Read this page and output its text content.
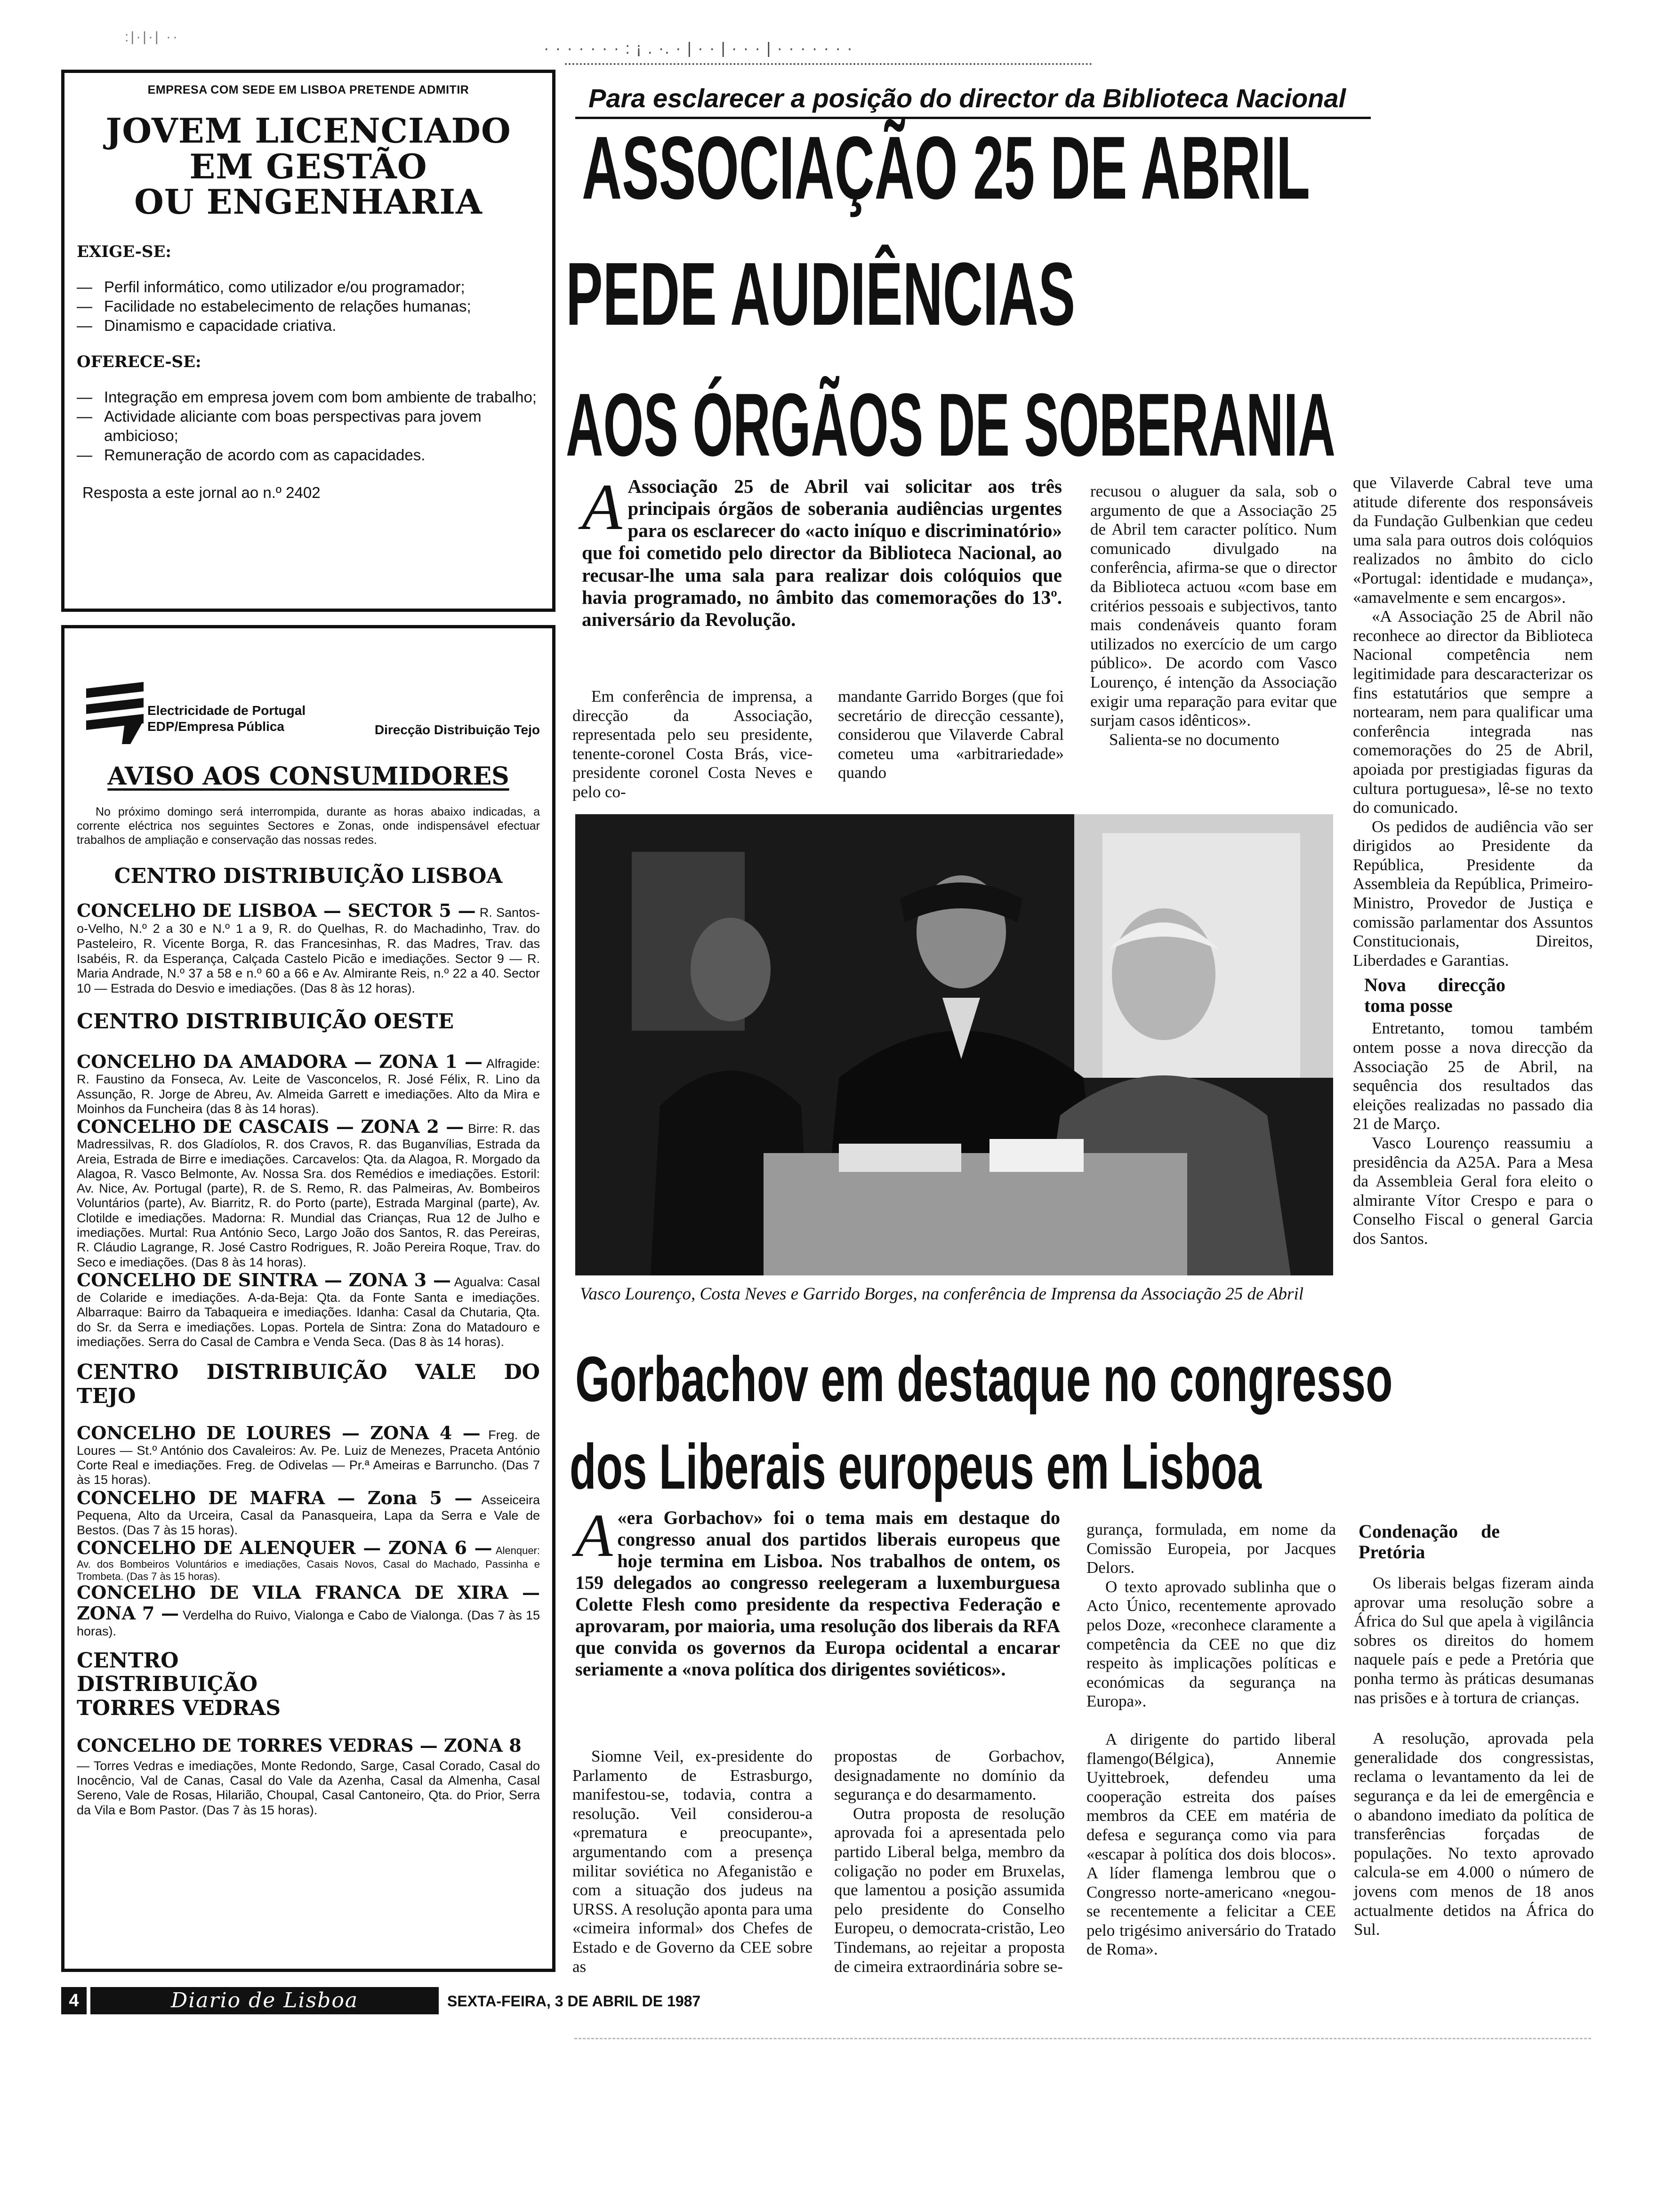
:|·|·| ··
· · · · · · · : ¡ . ·. · | · · | · · · | · · · · · · ·
EMPRESA COM SEDE EM LISBOA PRETENDE ADMITIR
JOVEM LICENCIADO
EM GESTÃO
OU ENGENHARIA
EXIGE-SE:
— Perfil informático, como utilizador e/ou programador;
— Facilidade no estabelecimento de relações humanas;
— Dinamismo e capacidade criativa.
OFERECE-SE:
— Integração em empresa jovem com bom ambiente de trabalho;
— Actividade aliciante com boas perspectivas para jovem ambicioso;
— Remuneração de acordo com as capacidades.
Resposta a este jornal ao n.º 2402
Electricidade de Portugal
EDP/Empresa Pública	Direcção Distribuição Tejo
AVISO AOS CONSUMIDORES

No próximo domingo será interrompida, durante as horas abaixo indicadas, a corrente eléctrica nos seguintes Sectores e Zonas, onde indispensável efectuar trabalhos de ampliação e conservação das nossas redes.

CENTRO DISTRIBUIÇÃO LISBOA

CONCELHO DE LISBOA — SECTOR 5 — R. Santos-o-Velho, N.º 2 a 30 e N.º 1 a 9, R. do Quelhas, R. do Machadinho, Trav. do Pasteleiro, R. Vicente Borga, R. das Francesinhas, R. das Madres, Trav. das Isabéis, R. da Esperança, Calçada Castelo Picão e imediações. Sector 9 — R. Maria Andrade, N.º 37 a 58 e n.º 60 a 66 e Av. Almirante Reis, n.º 22 a 40. Sector 10 — Estrada do Desvio e imediações. (Das 8 às 12 horas).

CENTRO DISTRIBUIÇÃO OESTE

CONCELHO DA AMADORA — ZONA 1 — Alfragide: R. Faustino da Fonseca, Av. Leite de Vasconcelos, R. José Félix, R. Lino da Assunção, R. Jorge de Abreu, Av. Almeida Garrett e imediações. Alto da Mira e Moinhos da Funcheira (das 8 às 14 horas).

CONCELHO DE CASCAIS — ZONA 2 — Birre: R. das Madressilvas, R. dos Gladíolos, R. dos Cravos, R. das Buganvílias, Estrada da Areia, Estrada de Birre e imediações. Carcavelos: Qta. da Alagoa, R. Morgado da Alagoa, R. Vasco Belmonte, Av. Nossa Sra. dos Remédios e imediações. Estoril: Av. Nice, Av. Portugal (parte), R. de S. Remo, R. das Palmeiras, Av. Bombeiros Voluntários (parte), Av. Biarritz, R. do Porto (parte), Estrada Marginal (parte), Av. Clotilde e imediações. Madorna: R. Mundial das Crianças, Rua 12 de Julho e imediações. Murtal: Rua António Seco, Largo João dos Santos, R. das Pereiras, R. Cláudio Lagrange, R. José Castro Rodrigues, R. João Pereira Roque, Trav. do Seco e imediações. (Das 8 às 14 horas).

CONCELHO DE SINTRA — ZONA 3 — Agualva: Casal de Colaride e imediações. A-da-Beja: Qta. da Fonte Santa e imediações. Albarraque: Bairro da Tabaqueira e imediações. Idanha: Casal da Chutaria, Qta. do Sr. da Serra e imediações. Lopas. Portela de Sintra: Zona do Matadouro e imediações. Serra do Casal de Cambra e Venda Seca. (Das 8 às 14 horas).

CENTRO DISTRIBUIÇÃO VALE DO TEJO

CONCELHO DE LOURES — ZONA 4 — Freg. de Loures — St.º António dos Cavaleiros: Av. Pe. Luiz de Menezes, Praceta António Corte Real e imediações. Freg. de Odivelas — Pr.ª Ameiras e Barruncho. (Das 7 às 15 horas).

CONCELHO DE MAFRA — Zona 5 — Asseiceira Pequena, Alto da Urceira, Casal da Panasqueira, Lapa da Serra e Vale de Bestos. (Das 7 às 15 horas).

CONCELHO DE ALENQUER — ZONA 6 — Alenquer: Av. dos Bombeiros Voluntários e imediações, Casais Novos, Casal do Machado, Passinha e Trombeta. (Das 7 às 15 horas).

CONCELHO DE VILA FRANCA DE XIRA — ZONA 7 — Verdelha do Ruivo, Vialonga e Cabo de Vialonga. (Das 7 às 15 horas).

CENTRO DISTRIBUIÇÃO TORRES VEDRAS

CONCELHO DE TORRES VEDRAS — ZONA 8

— Torres Vedras e imediações, Monte Redondo, Sarge, Casal Corado, Casal do Inocêncio, Val de Canas, Casal do Vale da Azenha, Casal da Almenha, Casal Sereno, Vale de Rosas, Hilarião, Choupal, Casal Cantoneiro, Qta. do Prior, Serra da Vila e Bom Pastor. (Das 7 às 15 horas).

4	Diario de Lisboa	SEXTA-FEIRA, 3 DE ABRIL DE 1987
Para esclarecer a posição do director da Biblioteca Nacional
ASSOCIAÇÃO 25 DE ABRIL
PEDE AUDIÊNCIAS
AOS ÓRGÃOS DE SOBERANIA
A Associação 25 de Abril vai solicitar aos três principais órgãos de soberania audiências urgentes para os esclarecer do «acto iníquo e discriminatório» que foi cometido pelo director da Biblioteca Nacional, ao recusar-lhe uma sala para realizar dois colóquios que havia programado, no âmbito das comemorações do 13º. aniversário da Revolução.

Em conferência de imprensa, a direcção da Associação, representada pelo seu presidente, tenente-coronel Costa Brás, vice-presidente coronel Costa Neves e pelo co-

mandante Garrido Borges (que foi secretário de direcção cessante), considerou que Vilaverde Cabral cometeu uma «arbitrariedade» quando

recusou o aluguer da sala, sob o argumento de que a Associação 25 de Abril tem caracter político. Num comunicado divulgado na conferência, afirma-se que o director da Biblioteca actuou «com base em critérios pessoais e subjectivos, tanto mais condenáveis quanto foram utilizados no exercício de um cargo público». De acordo com Vasco Lourenço, é intenção da Associação exigir uma reparação para evitar que surjam casos idênticos».

Salienta-se no documento

Vasco Lourenço, Costa Neves e Garrido Borges, na conferência de Imprensa da Associação 25 de Abril

que Vilaverde Cabral teve uma atitude diferente dos responsáveis da Fundação Gulbenkian que cedeu uma sala para outros dois colóquios realizados no âmbito do ciclo «Portugal: identidade e mudança», «amavelmente e sem encargos».

«A Associação 25 de Abril não reconhece ao director da Biblioteca Nacional competência nem legitimidade para descaracterizar os fins estatutários que sempre a nortearam, nem para qualificar uma conferência integrada nas comemorações do 25 de Abril, apoiada por prestigiadas figuras da cultura portuguesa», lê-se no texto do comunicado.

Os pedidos de audiência vão ser dirigidos ao Presidente da República, Presidente da Assembleia da República, Primeiro-Ministro, Provedor de Justiça e comissão parlamentar dos Assuntos Constitucionais, Direitos, Liberdades e Garantias.

Nova direcção toma posse

Entretanto, tomou também ontem posse a nova direcção da Associação 25 de Abril, na sequência dos resultados das eleições realizadas no passado dia 21 de Março.

Vasco Lourenço reassumiu a presidência da A25A. Para a Mesa da Assembleia Geral fora eleito o almirante Vítor Crespo e para o Conselho Fiscal o general Garcia dos Santos.

Gorbachov em destaque no congresso
dos Liberais europeus em Lisboa
A «era Gorbachov» foi o tema mais em destaque do congresso anual dos partidos liberais europeus que hoje termina em Lisboa. Nos trabalhos de ontem, os 159 delegados ao congresso reelegeram a luxemburguesa Colette Flesh como presidente da respectiva Federação e aprovaram, por maioria, uma resolução dos liberais da RFA que convida os governos da Europa ocidental a encarar seriamente a «nova política dos dirigentes soviéticos».

Siomne Veil, ex-presidente do Parlamento de Estrasburgo, manifestou-se, todavia, contra a resolução. Veil considerou-a «prematura e preocupante», argumentando com a presença militar soviética no Afeganistão e com a situação dos judeus na URSS. A resolução aponta para uma «cimeira informal» dos Chefes de Estado e de Governo da CEE sobre as

propostas de Gorbachov, designadamente no domínio da segurança e do desarmamento.

Outra proposta de resolução aprovada foi a apresentada pelo partido Liberal belga, membro da coligação no poder em Bruxelas, que lamentou a posição assumida pelo presidente do Conselho Europeu, o democrata-cristão, Leo Tindemans, ao rejeitar a proposta de cimeira extraordinária sobre se-

gurança, formulada, em nome da Comissão Europeia, por Jacques Delors.

O texto aprovado sublinha que o Acto Único, recentemente aprovado pelos Doze, «reconhece claramente a competência da CEE no que diz respeito às implicações políticas e económicas da segurança na Europa».

A dirigente do partido liberal flamengo(Bélgica), Annemie Uyittebroek, defendeu uma cooperação estreita dos países membros da CEE em matéria de defesa e segurança como via para «escapar à política dos dois blocos». A líder flamenga lembrou que o Congresso norte-americano «negou-se recentemente a felicitar a CEE pelo trigésimo aniversário do Tratado de Roma».

Condenação de Pretória

Os liberais belgas fizeram ainda aprovar uma resolução sobre a África do Sul que apela à vigilância sobres os direitos do homem naquele país e pede a Pretória que ponha termo às práticas desumanas nas prisões e à tortura de crianças.

A resolução, aprovada pela generalidade dos congressistas, reclama o levantamento da lei de segurança e da lei de emergência e o abandono imediato da política de transferências forçadas de populações. No texto aprovado calcula-se em 4.000 o número de jovens com menos de 18 anos actualmente detidos na África do Sul.
